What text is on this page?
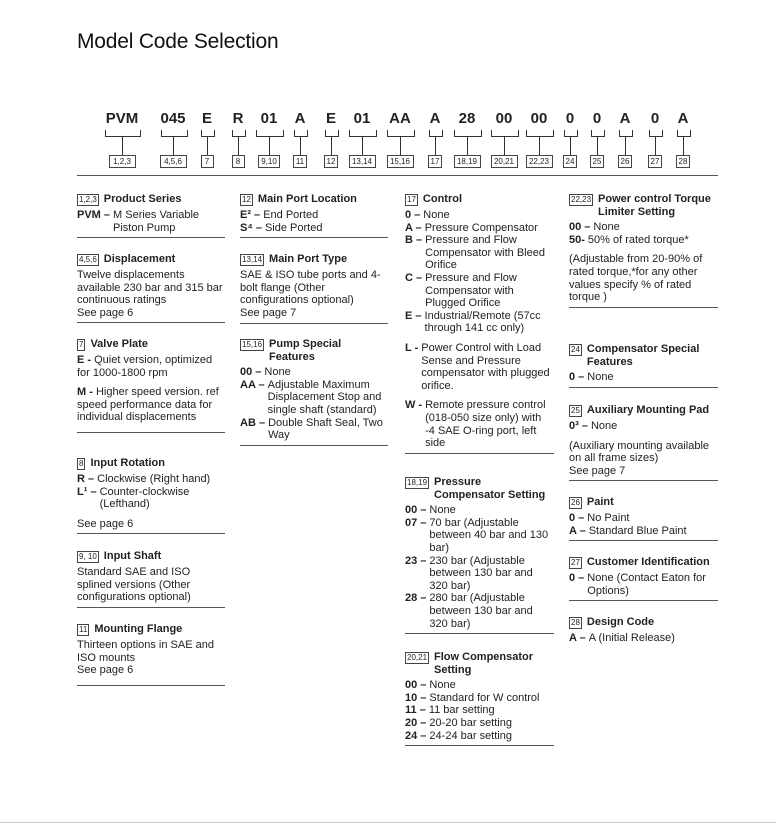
Model Code Selection
PVM
1,2,3
045
4,5,6
E
7
R
8
01
9,10
A
11
E
12
01
13,14
AA
15,16
A
17
28
18,19
00
20,21
00
22,23
0
24
0
25
A
26
0
27
A
28
1,2,3 Product Series
PVM – M Series Variable Piston Pump
4,5,6 Displacement

Twelve displacements available 230 bar and 315 bar continuous ratings

See page 6

7 Valve Plate

E - Quiet version, optimized for 1000-1800 rpm

M - Higher speed version. ref speed performance data for individual displacements

8 Input Rotation
R – Clockwise (Right hand)
L¹ – Counter-clockwise (Lefthand)

See page 6

9, 10 Input Shaft

Standard SAE and ISO splined versions (Other configurations optional)

11 Mounting Flange

Thirteen options in SAE and ISO mounts

See page 6

12 Main Port Location
E² – End Ported
S⁴ – Side Ported
13,14 Main Port Type

SAE & ISO tube ports and 4-bolt flange (Other configurations optional)

See page 7

15,16 Pump Special Features
00 – None
AA – Adjustable Maximum Displacement Stop and single shaft (standard)
AB – Double Shaft Seal, Two Way
17 Control
0 – None
A – Pressure Compensator
B – Pressure and Flow Compensator with Bleed Orifice
C – Pressure and Flow Compensator with Plugged Orifice
E – Industrial/Remote (57cc through 141 cc only)
L - Power Control with Load Sense and Pressure compensator with plugged orifice.
W - Remote pressure control (018-050 size only) with -4 SAE O-ring port, left side
18,19 Pressure Compensator Setting
00 – None
07 – 70 bar (Adjustable between 40 bar and 130 bar)
23 – 230 bar (Adjustable between 130 bar and 320 bar)
28 – 280 bar (Adjustable between 130 bar and 320 bar)
20,21 Flow Compensator Setting
00 – None
10 – Standard for W control
11 – 11 bar setting
20 – 20-20 bar setting
24 – 24-24 bar setting
22,23 Power control Torque Limiter Setting
00 – None
50- 50% of rated torque*

(Adjustable from 20-90% of rated torque,*for any other values specify % of rated torque )

24 Compensator Special Features
0 – None
25 Auxiliary Mounting Pad
0³ – None

(Auxiliary mounting available on all frame sizes)

See page 7

26 Paint
0 – No Paint
A – Standard Blue Paint
27 Customer Identification
0 – None (Contact Eaton for Options)
28 Design Code
A – A (Initial Release)
